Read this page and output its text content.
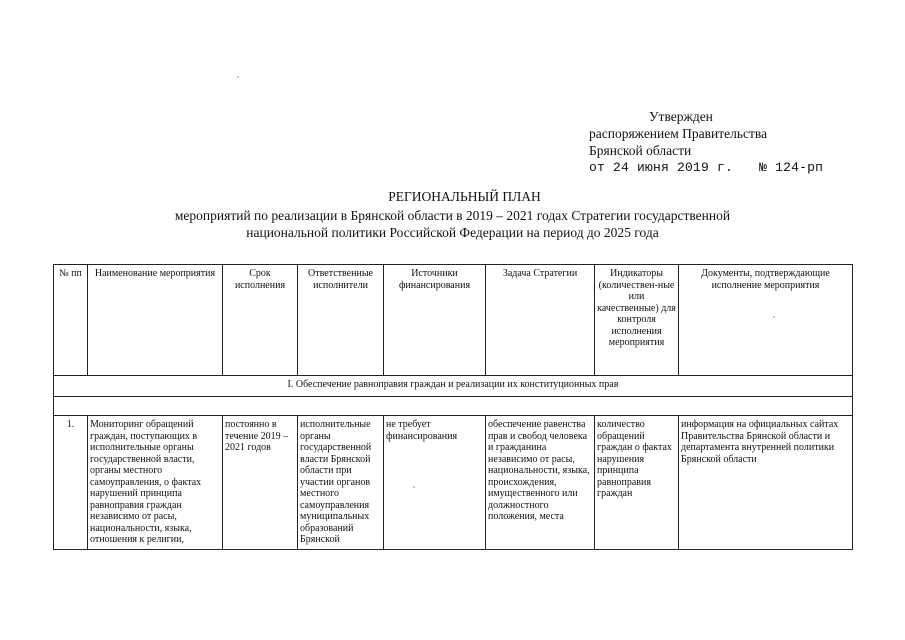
Утвержден
распоряжением Правительства
Брянской области
от 24 июня 2019 г. № 124-рп
РЕГИОНАЛЬНЫЙ ПЛАН
мероприятий по реализации в Брянской области в 2019 – 2021 годах Стратегии государственной
национальной политики Российской Федерации на период до 2025 года
№ пп	Наименование мероприятия	Срок исполнения	Ответственные исполнители	Источники финансирования	Задача Стратегии	Индикаторы (количествен-ные или качественные) для контроля исполнения мероприятия	Документы, подтверждающие исполнение мероприятия
I. Обеспечение равноправия граждан и реализации их конституционных прав							

1.	Мониторинг обращений граждан, поступающих в исполнительные органы государственной власти, органы местного самоуправления, о фактах нарушений принципа равноправия граждан независимо от расы, национальности, языка, отношения к религии,	постоянно в течение 2019 – 2021 годов	исполнительные органы государственной власти Брянской области при участии органов местного самоуправления муниципальных образований Брянской	не требует финансирования	обеспечение равенства прав и свобод человека и гражданина независимо от расы, национальности, языка, происхождения, имущественного или должностного положения, места	количество обращений граждан о фактах нарушения принципа равноправия граждан	информация на официальных сайтах Правительства Брянской области и департамента внутренней политики Брянской области
